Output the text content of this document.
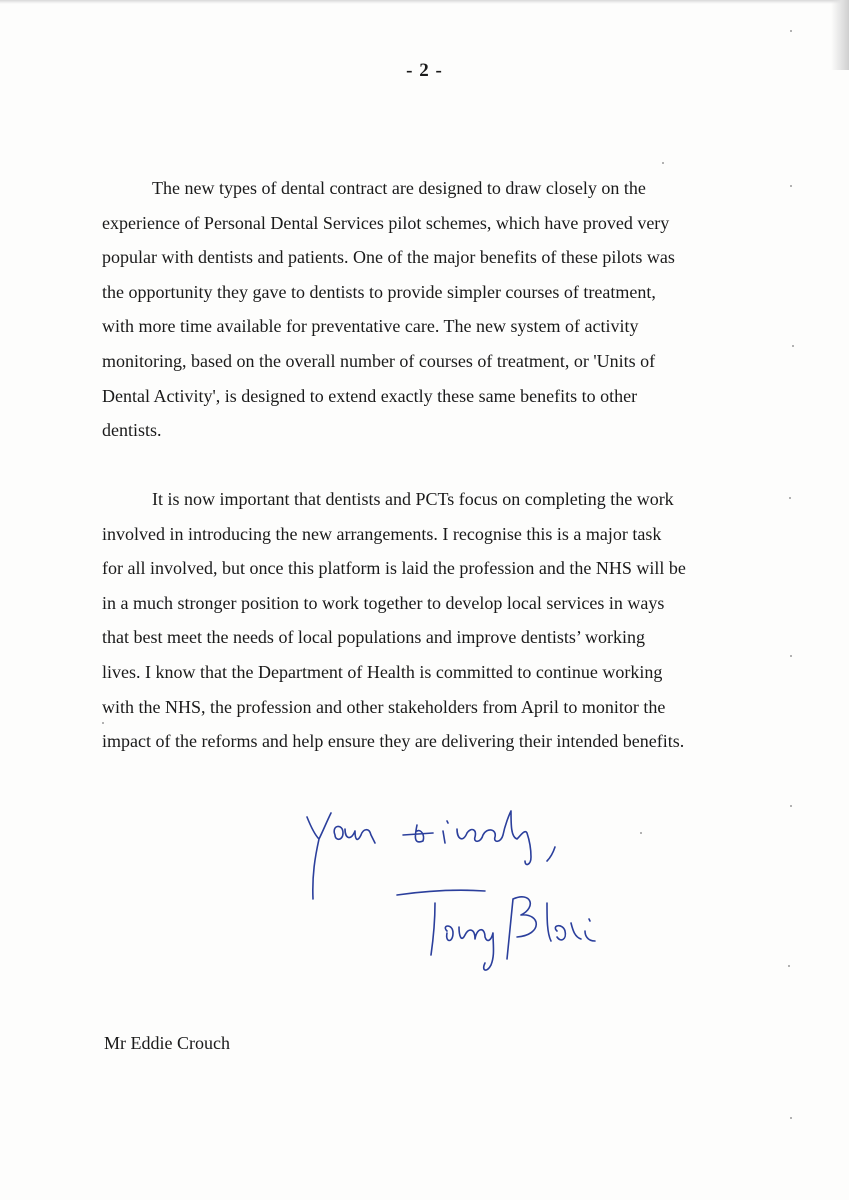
- 2 -

The new types of dental contract are designed to draw closely on the
experience of Personal Dental Services pilot schemes, which have proved very
popular with dentists and patients. One of the major benefits of these pilots was
the opportunity they gave to dentists to provide simpler courses of treatment,
with more time available for preventative care. The new system of activity
monitoring, based on the overall number of courses of treatment, or 'Units of
Dental Activity', is designed to extend exactly these same benefits to other
dentists.

It is now important that dentists and PCTs focus on completing the work
involved in introducing the new arrangements. I recognise this is a major task
for all involved, but once this platform is laid the profession and the NHS will be
in a much stronger position to work together to develop local services in ways
that best meet the needs of local populations and improve dentists’ working
lives. I know that the Department of Health is committed to continue working
with the NHS, the profession and other stakeholders from April to monitor the
impact of the reforms and help ensure they are delivering their intended benefits.

Mr Eddie Crouch
